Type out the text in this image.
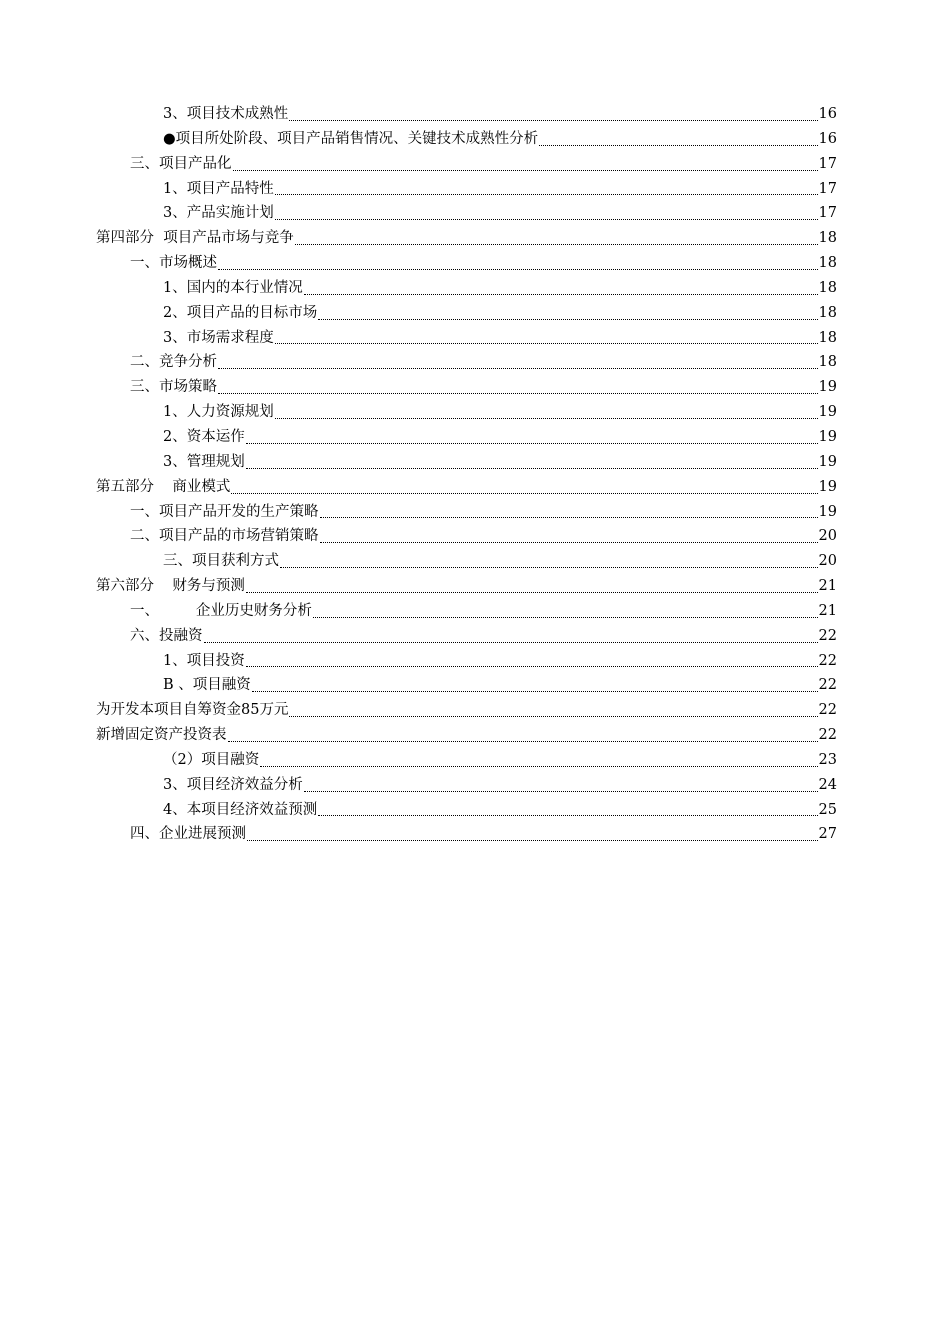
3、项目技术成熟性	16
●项目所处阶段、项目产品销售情况、关键技术成熟性分析	16
三、项目产品化	17
1、项目产品特性	17
3、产品实施计划	17
第四部分  项目产品市场与竞争	18
一、市场概述	18
1、国内的本行业情况	18
2、项目产品的目标市场	18
3、市场需求程度	18
二、竞争分析	18
三、市场策略	19
1、人力资源规划	19
2、资本运作	19
3、管理规划	19
第五部分    商业模式	19
一、项目产品开发的生产策略	19
二、项目产品的市场营销策略	20
三、项目获利方式	20
第六部分    财务与预测	21
一、        企业历史财务分析	21
六、投融资	22
1、项目投资	22
B 、项目融资	22
为开发本项目自筹资金85万元	22
新增固定资产投资表	22
（2）项目融资	23
3、项目经济效益分析	24
4、本项目经济效益预测	25
四、企业进展预测	27
